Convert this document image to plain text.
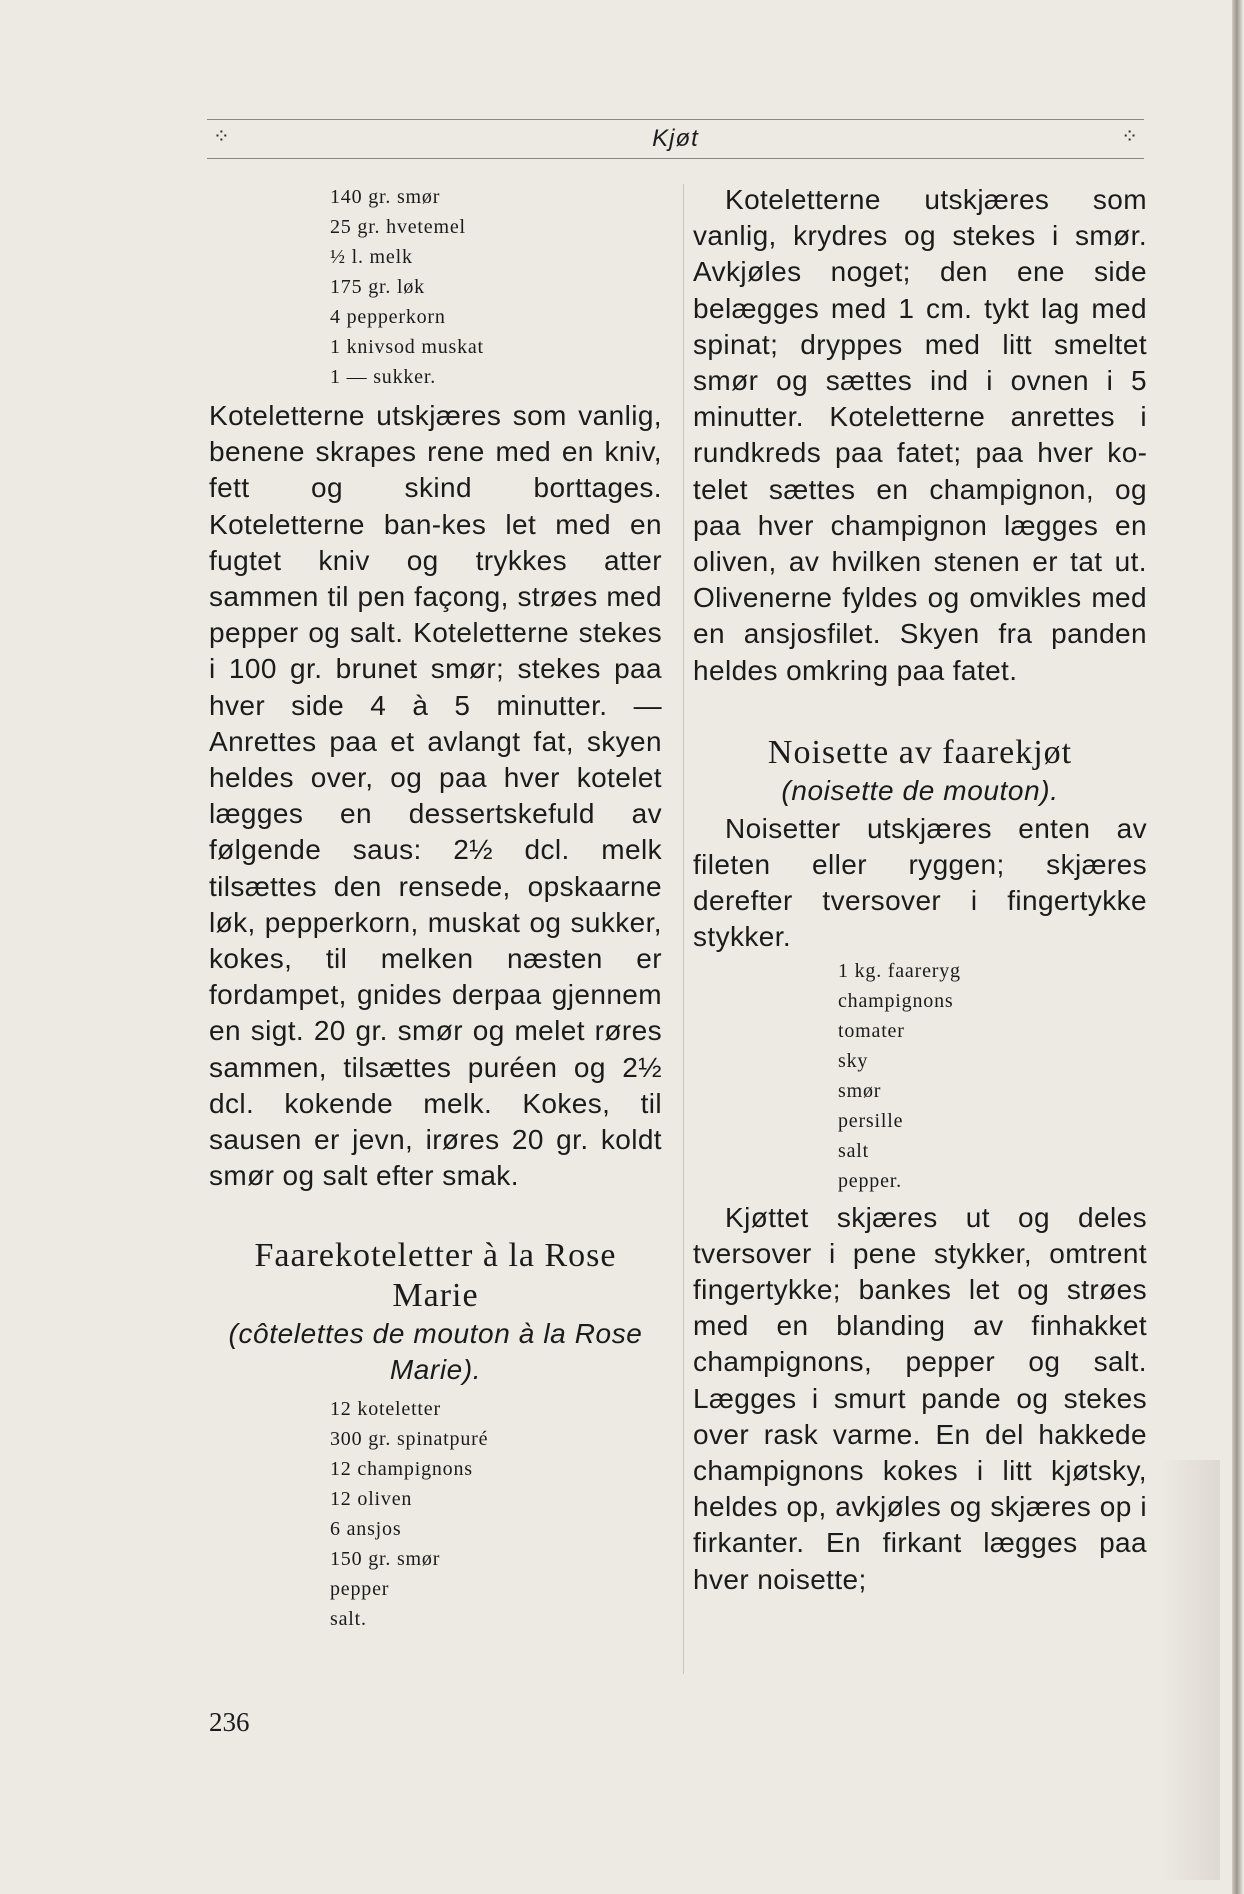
⁘	Kjøt	⁘
140 gr. smør
25 gr. hvetemel
½ l. melk
175 gr. løk
4 pepperkorn
1 knivsod muskat
1 — sukker.

Koteletterne utskjæres som vanlig, benene skrapes rene med en kniv, fett og skind borttages. Koteletterne ban-kes let med en fugtet kniv og trykkes atter sammen til pen façong, strøes med pepper og salt. Koteletterne stekes i 100 gr. brunet smør; stekes paa hver side 4 à 5 minutter. — Anrettes paa et avlangt fat, skyen heldes over, og paa hver kotelet lægges en dessertskefuld av følgende saus: 2½ dcl. melk tilsættes den rensede, opskaarne løk, pepperkorn, muskat og sukker, kokes, til melken næsten er fordampet, gnides derpaa gjennem en sigt. 20 gr. smør og melet røres sammen, tilsættes puréen og 2½ dcl. kokende melk. Kokes, til sausen er jevn, irøres 20 gr. koldt smør og salt efter smak.

Faarekoteletter à la Rose Marie

(côtelettes de mouton à la Rose Marie).

12 koteletter
300 gr. spinatpuré
12 champignons
12 oliven
6 ansjos
150 gr. smør
pepper
salt.

Koteletterne utskjæres som vanlig, krydres og stekes i smør. Avkjøles noget; den ene side belægges med 1 cm. tykt lag med spinat; dryppes med litt smeltet smør og sættes ind i ovnen i 5 minutter. Koteletterne anrettes i rundkreds paa fatet; paa hver kotelet sættes en champignon, og paa hver champignon lægges en oliven, av hvilken stenen er tat ut. Olivenerne fyldes og omvikles med en ansjosfilet. Skyen fra panden heldes omkring paa fatet.

Noisette av faarekjøt

(noisette de mouton).

Noisetter utskjæres enten av fileten eller ryggen; skjæres derefter tversover i fingertykke stykker.

1 kg. faareryg
champignons
tomater
sky
smør
persille
salt
pepper.

Kjøttet skjæres ut og deles tversover i pene stykker, omtrent fingertykke; bankes let og strøes med en blanding av finhakket champignons, pepper og salt. Lægges i smurt pande og stekes over rask varme. En del hakkede champignons kokes i litt kjøtsky, heldes op, avkjøles og skjæres op i firkanter. En firkant lægges paa hver noisette;

236
